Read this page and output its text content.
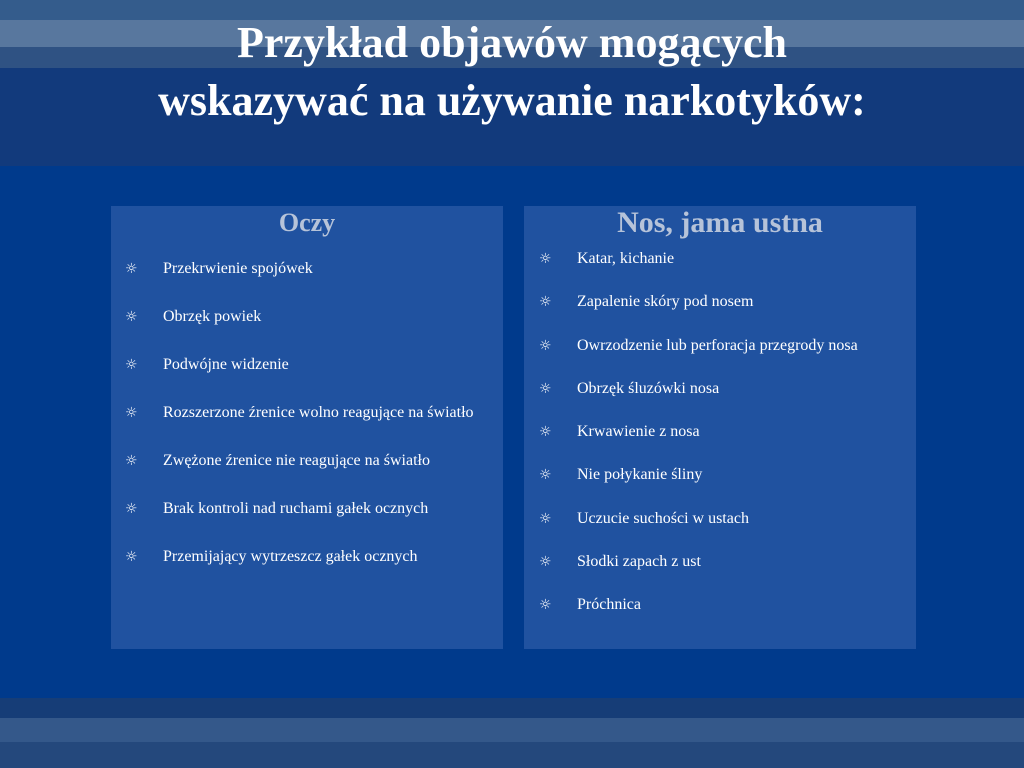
Przykład objawów mogących
wskazywać na używanie narkotyków:
Oczy
☼ Przekrwienie spojówek
☼ Obrzęk powiek
☼ Podwójne widzenie
☼ Rozszerzone źrenice wolno reagujące na światło
☼ Zwężone źrenice nie reagujące na światło
☼ Brak kontroli nad ruchami gałek ocznych
☼ Przemijający wytrzeszcz gałek ocznych
Nos, jama ustna
☼ Katar, kichanie
☼ Zapalenie skóry pod nosem
☼ Owrzodzenie lub perforacja przegrody nosa
☼ Obrzęk śluzówki nosa
☼ Krwawienie z nosa
☼ Nie połykanie śliny
☼ Uczucie suchości w ustach
☼ Słodki zapach z ust
☼ Próchnica
